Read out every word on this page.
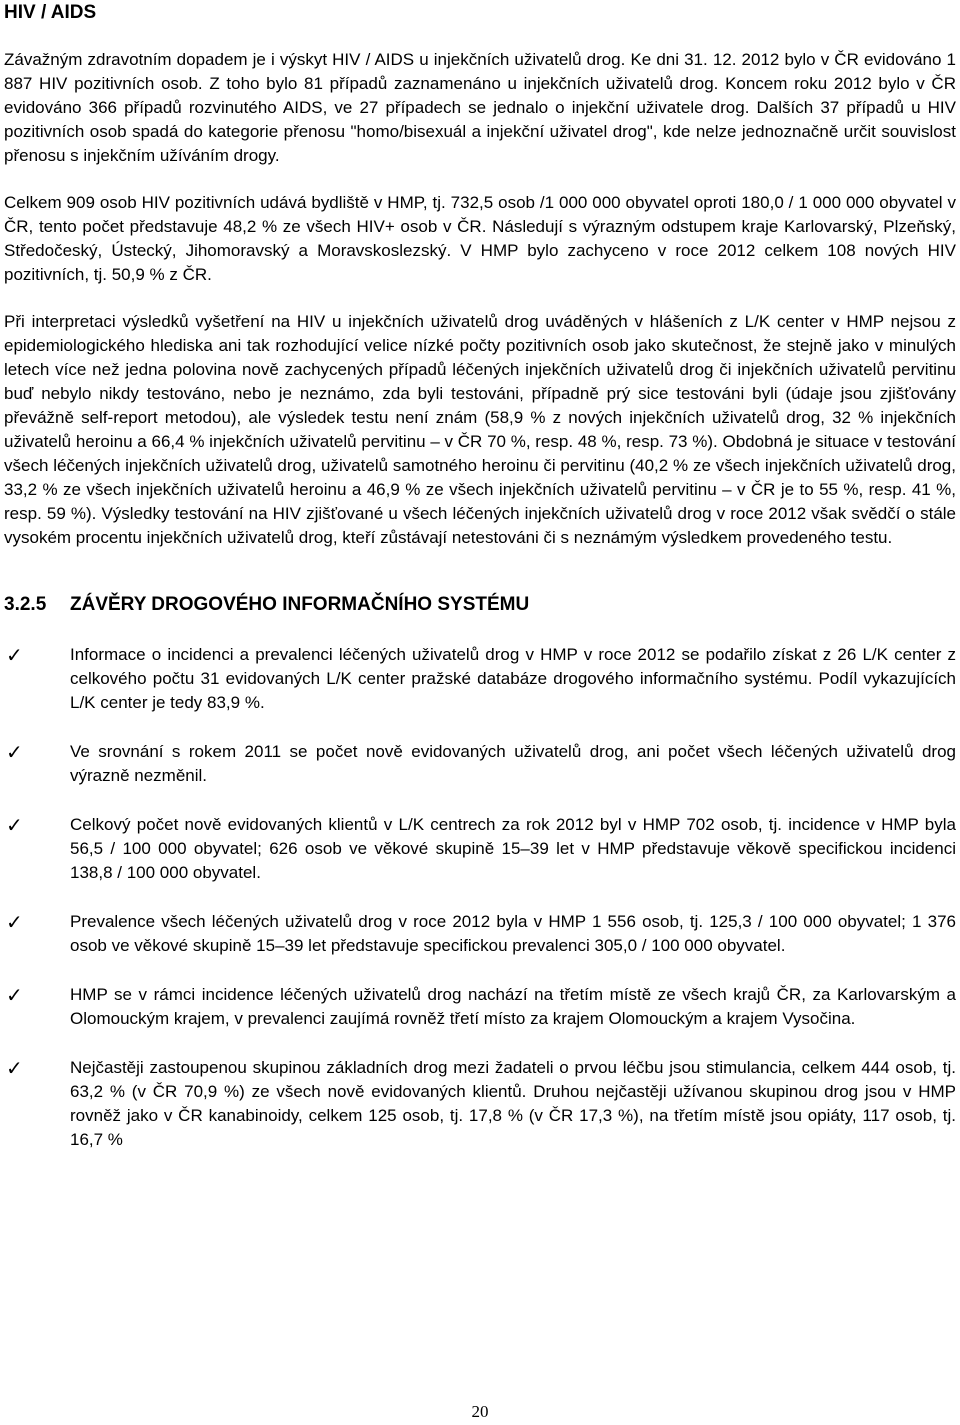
HIV / AIDS

Závažným zdravotním dopadem je i výskyt HIV / AIDS u injekčních uživatelů drog. Ke dni 31. 12. 2012 bylo v ČR evidováno 1 887 HIV pozitivních osob. Z toho bylo 81 případů zaznamenáno u injekčních uživatelů drog. Koncem roku 2012 bylo v ČR evidováno 366 případů rozvinutého AIDS, ve 27 případech se jednalo o injekční uživatele drog. Dalších 37 případů u HIV pozitivních osob spadá do kategorie přenosu "homo/bisexuál a injekční uživatel drog", kde nelze jednoznačně určit souvislost přenosu s injekčním užíváním drogy.

Celkem 909 osob HIV pozitivních udává bydliště v HMP, tj. 732,5 osob /1 000 000 obyvatel oproti 180,0 / 1 000 000 obyvatel v ČR, tento počet představuje 48,2 % ze všech HIV+ osob v ČR. Následují s výrazným odstupem kraje Karlovarský, Plzeňský, Středočeský, Ústecký, Jihomoravský a Moravskoslezský. V HMP bylo zachyceno v roce 2012 celkem 108 nových HIV pozitivních, tj. 50,9 % z ČR.

Při interpretaci výsledků vyšetření na HIV u injekčních uživatelů drog uváděných v hlášeních z L/K center v HMP nejsou z epidemiologického hlediska ani tak rozhodující velice nízké počty pozitivních osob jako skutečnost, že stejně jako v minulých letech více než jedna polovina nově zachycených případů léčených injekčních uživatelů drog či injekčních uživatelů pervitinu buď nebylo nikdy testováno, nebo je neznámo, zda byli testováni, případně prý sice testováni byli (údaje jsou zjišťovány převážně self-report metodou), ale výsledek testu není znám (58,9 % z nových injekčních uživatelů drog, 32 % injekčních uživatelů heroinu a 66,4 % injekčních uživatelů pervitinu – v ČR 70 %, resp. 48 %, resp. 73 %). Obdobná je situace v testování všech léčených injekčních uživatelů drog, uživatelů samotného heroinu či pervitinu (40,2 % ze všech injekčních uživatelů drog, 33,2 % ze všech injekčních uživatelů heroinu a 46,9 % ze všech injekčních uživatelů pervitinu – v ČR je to 55 %, resp. 41 %, resp. 59 %). Výsledky testování na HIV zjišťované u všech léčených injekčních uživatelů drog v roce 2012 však svědčí o stále vysokém procentu injekčních uživatelů drog, kteří zůstávají netestováni či s neznámým výsledkem provedeného testu.

3.2.5	ZÁVĚRY DROGOVÉHO INFORMAČNÍHO SYSTÉMU
✓	Informace o incidenci a prevalenci léčených uživatelů drog v HMP v roce 2012 se podařilo získat z 26 L/K center z celkového počtu 31 evidovaných L/K center pražské databáze drogového informačního systému. Podíl vykazujících L/K center je tedy 83,9 %.
✓	Ve srovnání s rokem 2011 se počet nově evidovaných uživatelů drog, ani počet všech léčených uživatelů drog výrazně nezměnil.
✓	Celkový počet nově evidovaných klientů v L/K centrech za rok 2012 byl v HMP 702 osob, tj. incidence v HMP byla 56,5 / 100 000 obyvatel; 626 osob ve věkové skupině 15–39 let v HMP představuje věkově specifickou incidenci 138,8 / 100 000 obyvatel.
✓	Prevalence všech léčených uživatelů drog v roce 2012 byla v HMP 1 556 osob, tj. 125,3 / 100 000 obyvatel; 1 376 osob ve věkové skupině 15–39 let představuje specifickou prevalenci 305,0 / 100 000 obyvatel.
✓	HMP se v rámci incidence léčených uživatelů drog nachází na třetím místě ze všech krajů ČR, za Karlovarským a Olomouckým krajem, v prevalenci zaujímá rovněž třetí místo za krajem Olomouckým a krajem Vysočina.
✓	Nejčastěji zastoupenou skupinou základních drog mezi žadateli o prvou léčbu jsou stimulancia, celkem 444 osob, tj. 63,2 % (v ČR 70,9 %) ze všech nově evidovaných klientů. Druhou nejčastěji užívanou skupinou drog jsou v HMP rovněž jako v ČR kanabinoidy, celkem 125 osob, tj. 17,8 % (v ČR 17,3 %), na třetím místě jsou opiáty, 117 osob, tj. 16,7 %
20
